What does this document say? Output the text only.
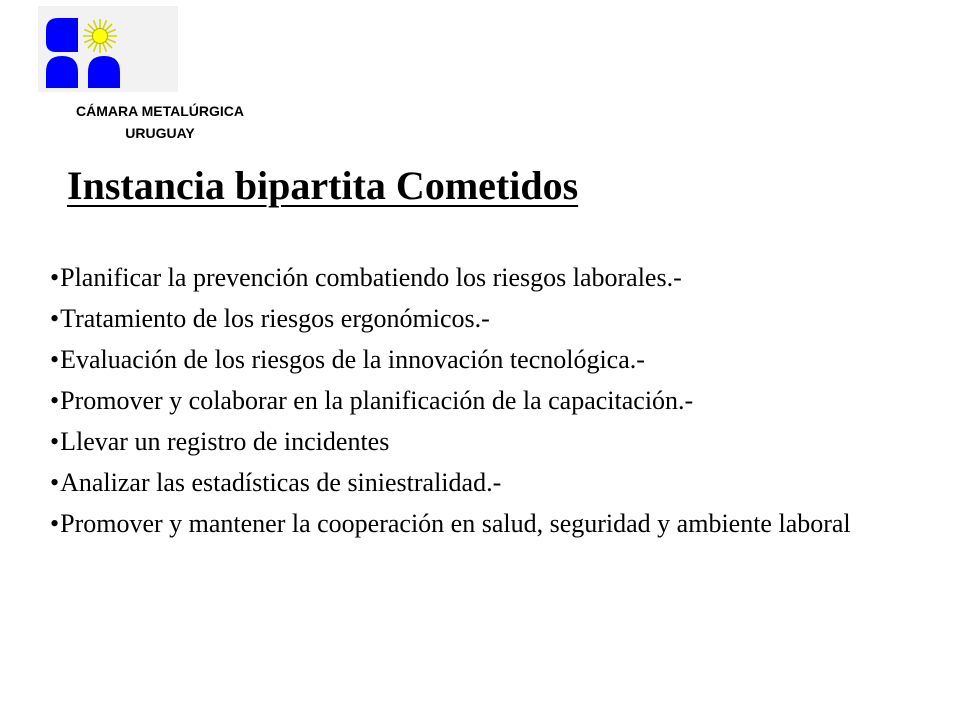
CÁMARA METALÚRGICA
URUGUAY
Instancia bipartita Cometidos
•Planificar la prevención combatiendo los riesgos laborales.-
•Tratamiento de los riesgos ergonómicos.-
•Evaluación de los riesgos de la innovación tecnológica.-
•Promover y colaborar en la planificación de la capacitación.-
•Llevar un registro de incidentes
•Analizar las estadísticas de siniestralidad.-
•Promover y mantener la cooperación en salud, seguridad y ambiente laboral
